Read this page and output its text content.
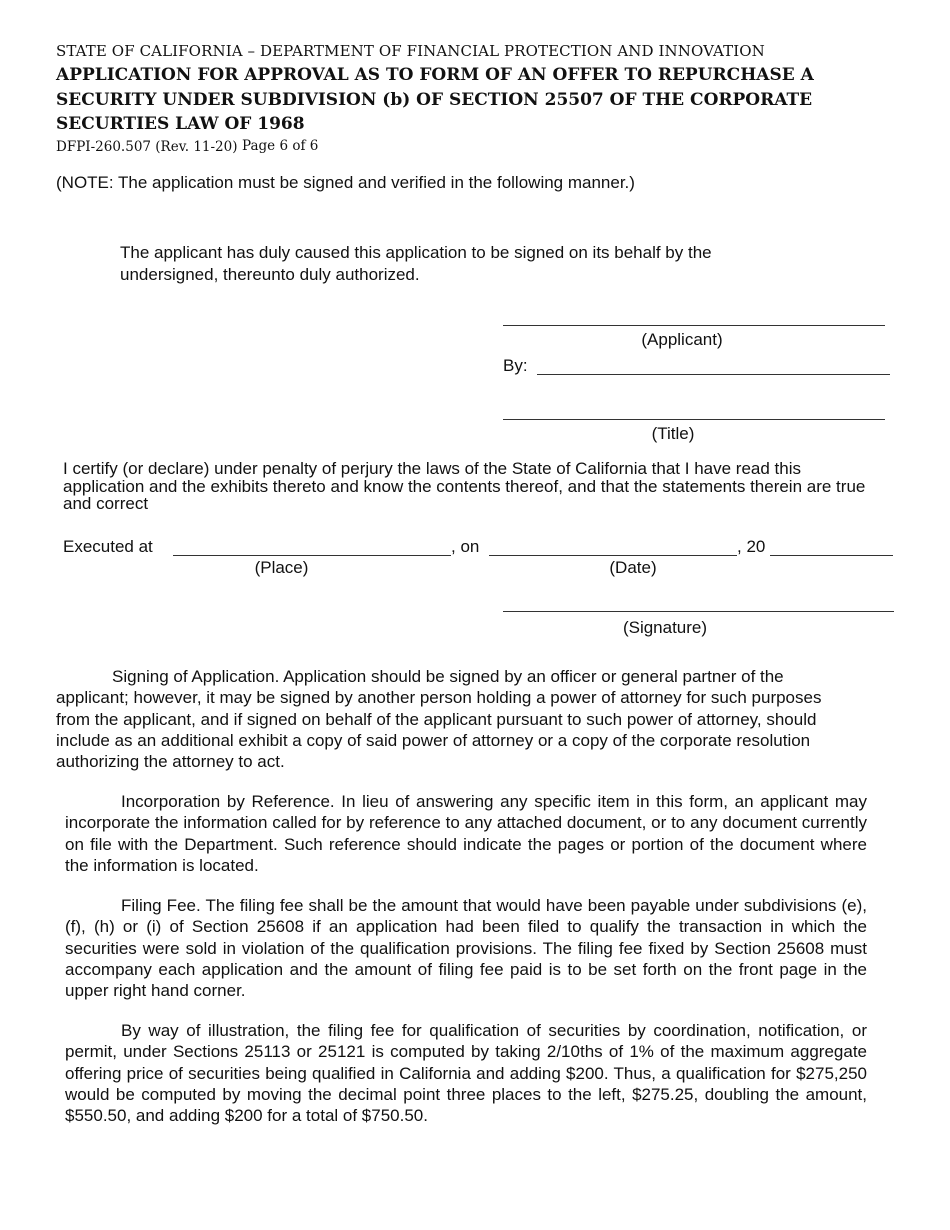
STATE OF CALIFORNIA – DEPARTMENT OF FINANCIAL PROTECTION AND INNOVATION
APPLICATION FOR APPROVAL AS TO FORM OF AN OFFER TO REPURCHASE A SECURITY UNDER SUBDIVISION (b) OF SECTION 25507 OF THE CORPORATE SECURTIES LAW OF 1968
DFPI-260.507 (Rev. 11-20) Page 6 of 6
(NOTE: The application must be signed and verified in the following manner.)
The applicant has duly caused this application to be signed on its behalf by the undersigned, thereunto duly authorized.
(Applicant)
By:
(Title)
I certify (or declare) under penalty of perjury the laws of the State of California that I have read this application and the exhibits thereto and know the contents thereof, and that the statements therein are true and correct
Executed at	, on	, 20
(Place)	(Date)
(Signature)
Signing of Application. Application should be signed by an officer or general partner of the applicant; however, it may be signed by another person holding a power of attorney for such purposes from the applicant, and if signed on behalf of the applicant pursuant to such power of attorney, should include as an additional exhibit a copy of said power of attorney or a copy of the corporate resolution authorizing the attorney to act.
Incorporation by Reference. In lieu of answering any specific item in this form, an applicant may incorporate the information called for by reference to any attached document, or to any document currently on file with the Department. Such reference should indicate the pages or portion of the document where the information is located.
Filing Fee. The filing fee shall be the amount that would have been payable under subdivisions (e), (f), (h) or (i) of Section 25608 if an application had been filed to qualify the transaction in which the securities were sold in violation of the qualification provisions. The filing fee fixed by Section 25608 must accompany each application and the amount of filing fee paid is to be set forth on the front page in the upper right hand corner.
By way of illustration, the filing fee for qualification of securities by coordination, notification, or permit, under Sections 25113 or 25121 is computed by taking 2/10ths of 1% of the maximum aggregate offering price of securities being qualified in California and adding $200. Thus, a qualification for $275,250 would be computed by moving the decimal point three places to the left, $275.25, doubling the amount, $550.50, and adding $200 for a total of $750.50.
